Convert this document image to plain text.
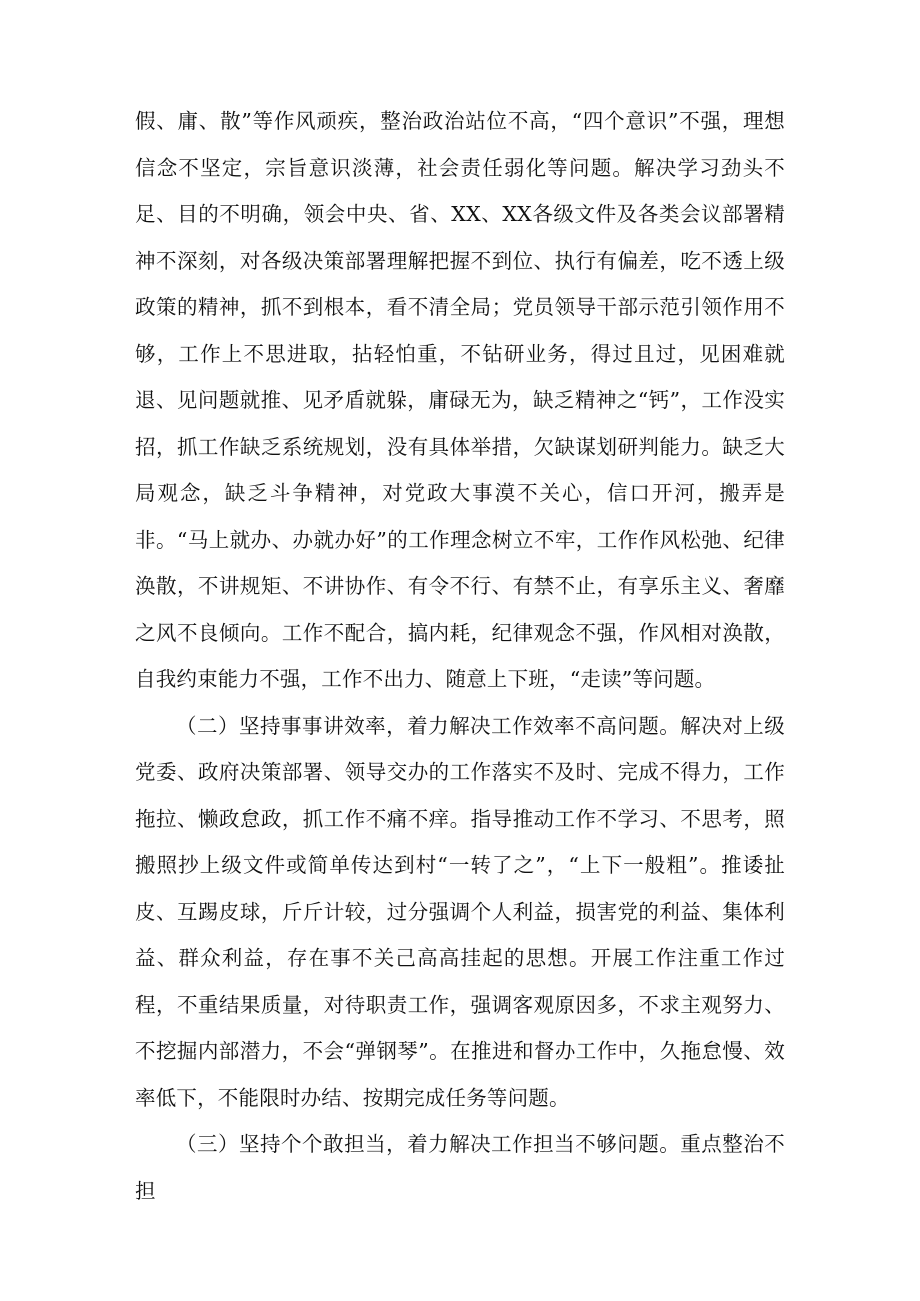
假、庸、散”等作风顽疾，整治政治站位不高，“四个意识”不强，理想信念不坚定，宗旨意识淡薄，社会责任弱化等问题。解决学习劲头不足、目的不明确，领会中央、省、XX、XX各级文件及各类会议部署精神不深刻，对各级决策部署理解把握不到位、执行有偏差，吃不透上级政策的精神，抓不到根本，看不清全局；党员领导干部示范引领作用不够，工作上不思进取，拈轻怕重，不钻研业务，得过且过，见困难就退、见问题就推、见矛盾就躲，庸碌无为，缺乏精神之“钙”，工作没实招，抓工作缺乏系统规划，没有具体举措，欠缺谋划研判能力。缺乏大局观念，缺乏斗争精神，对党政大事漠不关心，信口开河，搬弄是非。“马上就办、办就办好”的工作理念树立不牢，工作作风松弛、纪律涣散，不讲规矩、不讲协作、有令不行、有禁不止，有享乐主义、奢靡之风不良倾向。工作不配合，搞内耗，纪律观念不强，作风相对涣散，自我约束能力不强，工作不出力、随意上下班，“走读”等问题。

（二）坚持事事讲效率，着力解决工作效率不高问题。解决对上级党委、政府决策部署、领导交办的工作落实不及时、完成不得力，工作拖拉、懒政怠政，抓工作不痛不痒。指导推动工作不学习、不思考，照搬照抄上级文件或简单传达到村“一转了之”，“上下一般粗”。推诿扯皮、互踢皮球，斤斤计较，过分强调个人利益，损害党的利益、集体利益、群众利益，存在事不关己高高挂起的思想。开展工作注重工作过程，不重结果质量，对待职责工作，强调客观原因多，不求主观努力、不挖掘内部潜力，不会“弹钢琴”。在推进和督办工作中，久拖怠慢、效率低下，不能限时办结、按期完成任务等问题。

（三）坚持个个敢担当，着力解决工作担当不够问题。重点整治不担
